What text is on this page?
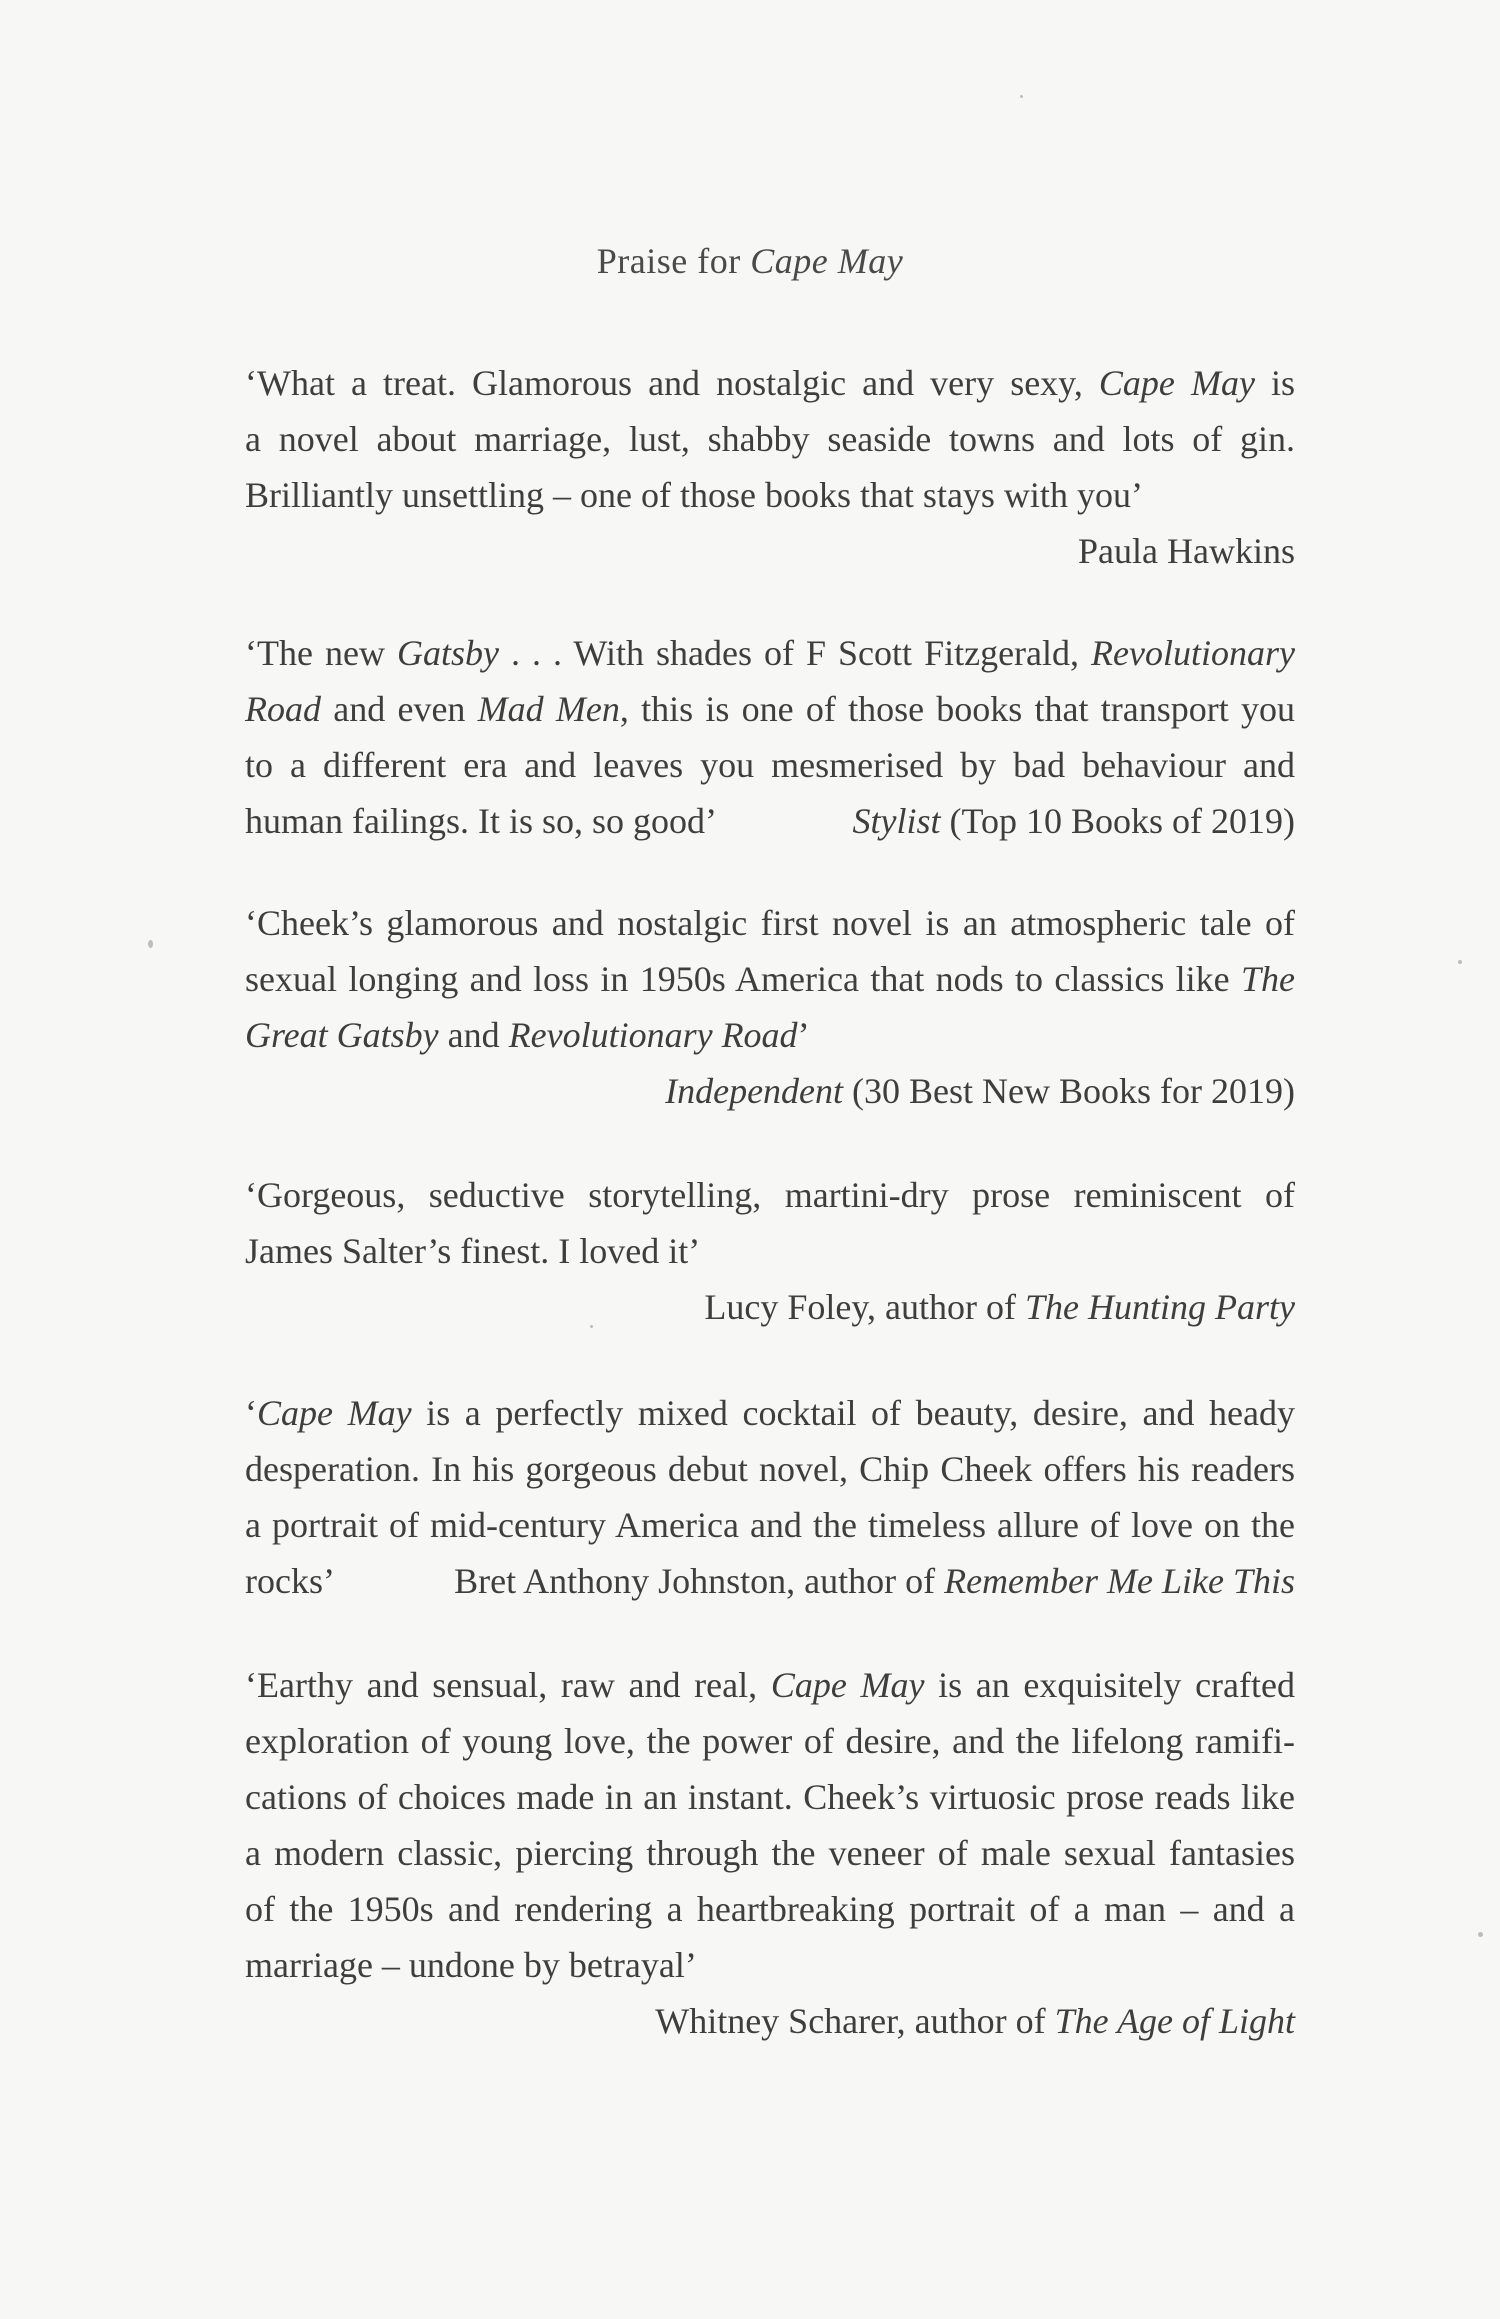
Praise for Cape May
‘What a treat. Glamorous and nostalgic and very sexy, Cape May is
a novel about marriage, lust, shabby seaside towns and lots of gin.
Brilliantly unsettling – one of those books that stays with you’
Paula Hawkins
‘The new Gatsby . . . With shades of F Scott Fitzgerald, Revolutionary
Road and even Mad Men, this is one of those books that transport you
to a different era and leaves you mesmerised by bad behaviour and
human failings. It is so, so good’	Stylist (Top 10 Books of 2019)
‘Cheek’s glamorous and nostalgic first novel is an atmospheric tale of
sexual longing and loss in 1950s America that nods to classics like The
Great Gatsby and Revolutionary Road’
Independent (30 Best New Books for 2019)
‘Gorgeous, seductive storytelling, martini-dry prose reminiscent of
James Salter’s finest. I loved it’
Lucy Foley, author of The Hunting Party
‘Cape May is a perfectly mixed cocktail of beauty, desire, and heady
desperation. In his gorgeous debut novel, Chip Cheek offers his readers
a portrait of mid-century America and the timeless allure of love on the
rocks’	Bret Anthony Johnston, author of Remember Me Like This
‘Earthy and sensual, raw and real, Cape May is an exquisitely crafted
exploration of young love, the power of desire, and the lifelong ramifi-
cations of choices made in an instant. Cheek’s virtuosic prose reads like
a modern classic, piercing through the veneer of male sexual fantasies
of the 1950s and rendering a heartbreaking portrait of a man – and a
marriage – undone by betrayal’
Whitney Scharer, author of The Age of Light
